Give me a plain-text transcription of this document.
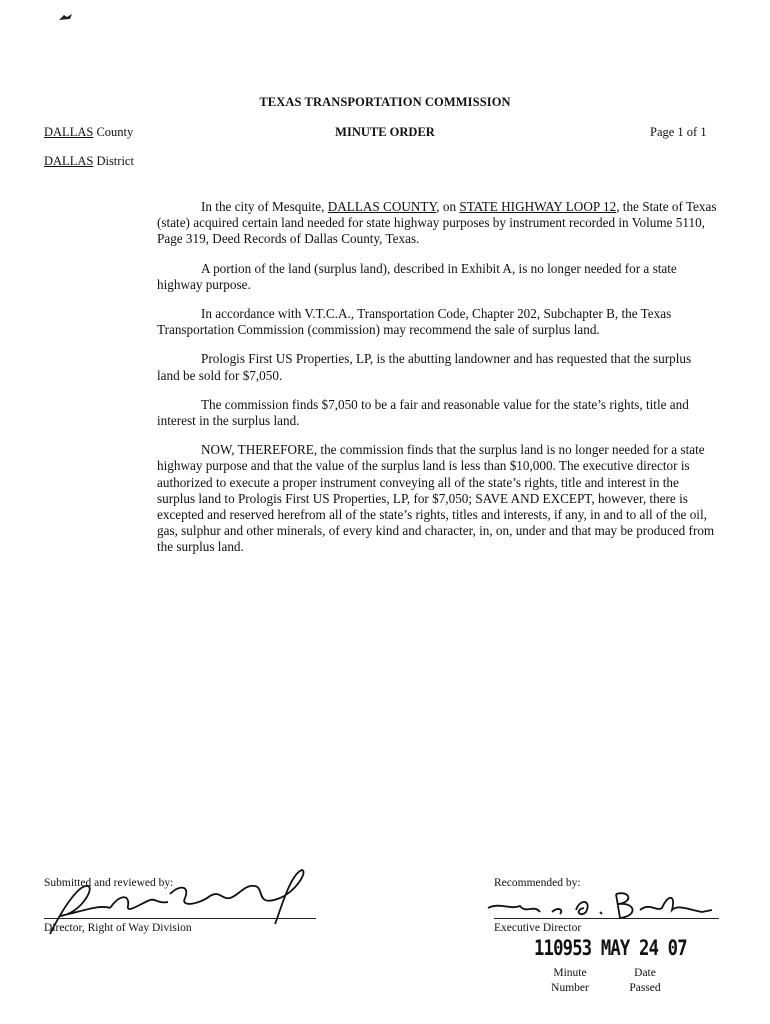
TEXAS TRANSPORTATION COMMISSION
MINUTE ORDER
DALLAS County
DALLAS District
Page 1 of 1

In the city of Mesquite, DALLAS COUNTY, on STATE HIGHWAY LOOP 12, the State of Texas (state) acquired certain land needed for state highway purposes by instrument recorded in Volume 5110, Page 319, Deed Records of Dallas County, Texas.

A portion of the land (surplus land), described in Exhibit A, is no longer needed for a state highway purpose.

In accordance with V.T.C.A., Transportation Code, Chapter 202, Subchapter B, the Texas Transportation Commission (commission) may recommend the sale of surplus land.

Prologis First US Properties, LP, is the abutting landowner and has requested that the surplus land be sold for $7,050.

The commission finds $7,050 to be a fair and reasonable value for the state’s rights, title and interest in the surplus land.

NOW, THEREFORE, the commission finds that the surplus land is no longer needed for a state highway purpose and that the value of the surplus land is less than $10,000. The executive director is authorized to execute a proper instrument conveying all of the state’s rights, title and interest in the surplus land to Prologis First US Properties, LP, for $7,050; SAVE AND EXCEPT, however, there is excepted and reserved herefrom all of the state’s rights, titles and interests, if any, in and to all of the oil, gas, sulphur and other minerals, of every kind and character, in, on, under and that may be produced from the surplus land.

Submitted and reviewed by:
Director, Right of Way Division
Recommended by:
Executive Director
110953 MAY 24 07
Minute
Number
Date
Passed
